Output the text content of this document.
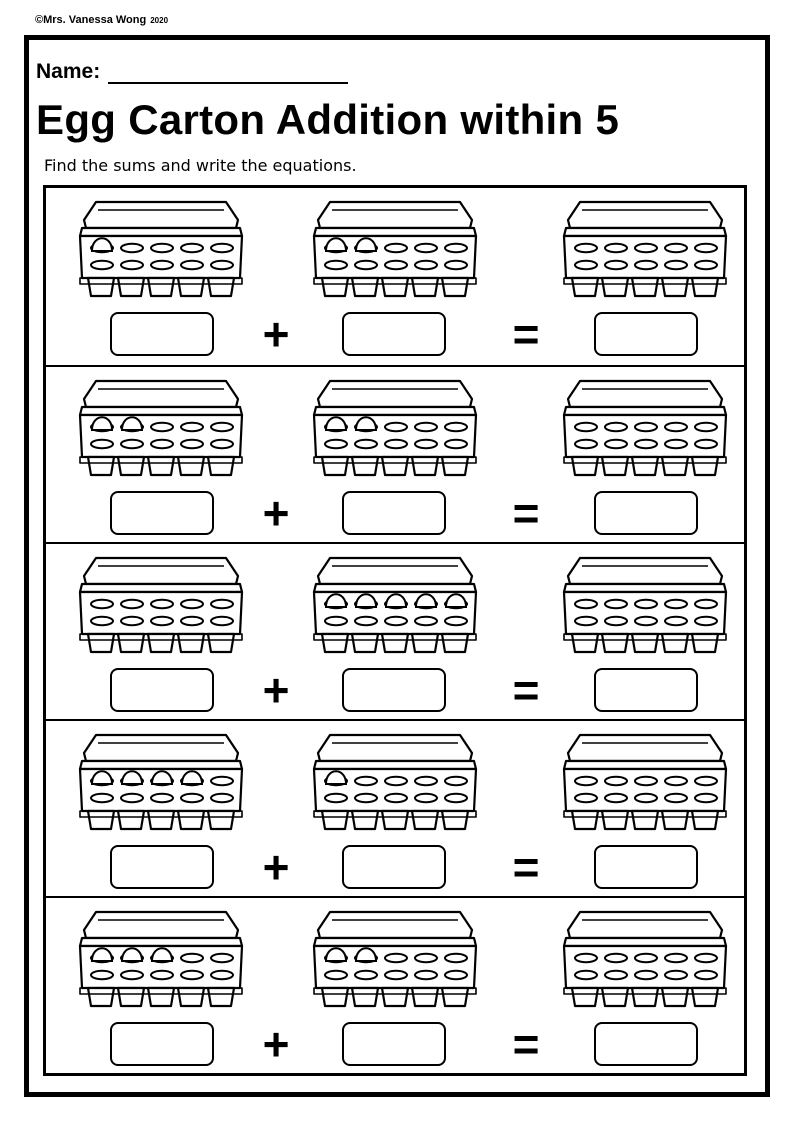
©Mrs. Vanessa Wong 2020
Name:
Egg Carton Addition within 5
Find the sums and write the equations.
+	=
+	=
+	=
+	=
+	=
